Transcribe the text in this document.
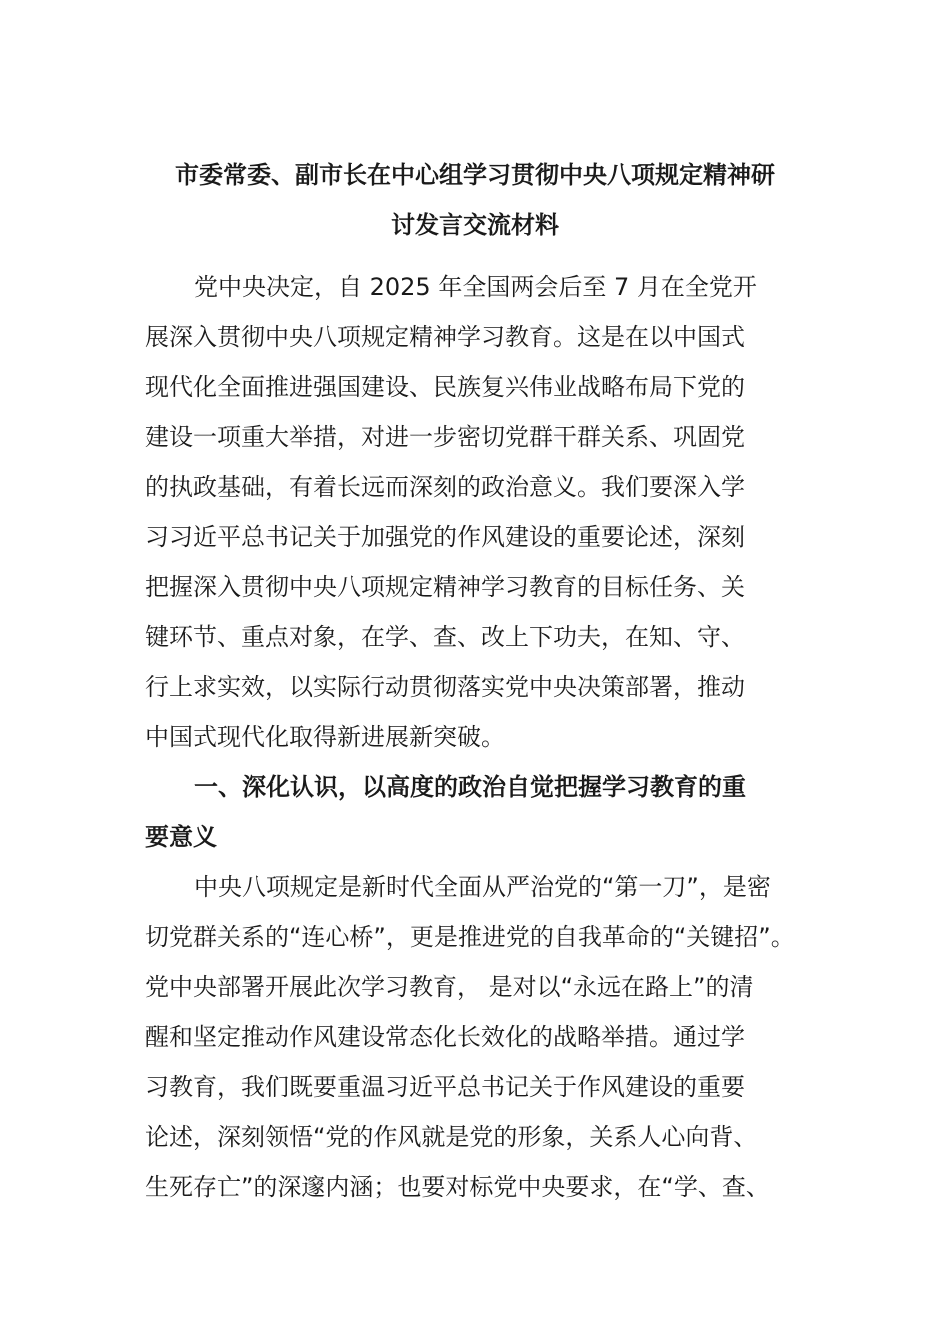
市委常委、副市长在中心组学习贯彻中央八项规定精神研
讨发言交流材料

党中央决定，自 2025 年全国两会后至 7 月在全党开
展深入贯彻中央八项规定精神学习教育。这是在以中国式
现代化全面推进强国建设、民族复兴伟业战略布局下党的
建设一项重大举措，对进一步密切党群干群关系、巩固党
的执政基础，有着长远而深刻的政治意义。我们要深入学
习习近平总书记关于加强党的作风建设的重要论述，深刻
把握深入贯彻中央八项规定精神学习教育的目标任务、关
键环节、重点对象，在学、查、改上下功夫，在知、守、
行上求实效，以实际行动贯彻落实党中央决策部署，推动
中国式现代化取得新进展新突破。

一、深化认识，以高度的政治自觉把握学习教育的重
要意义

中央八项规定是新时代全面从严治党的“第一刀”，是密
切党群关系的“连心桥”，更是推进党的自我革命的“关键招”。
党中央部署开展此次学习教育， 是对以“永远在路上”的清
醒和坚定推动作风建设常态化长效化的战略举措。通过学
习教育，我们既要重温习近平总书记关于作风建设的重要
论述，深刻领悟“党的作风就是党的形象，关系人心向背、
生死存亡”的深邃内涵；也要对标党中央要求，在“学、查、
